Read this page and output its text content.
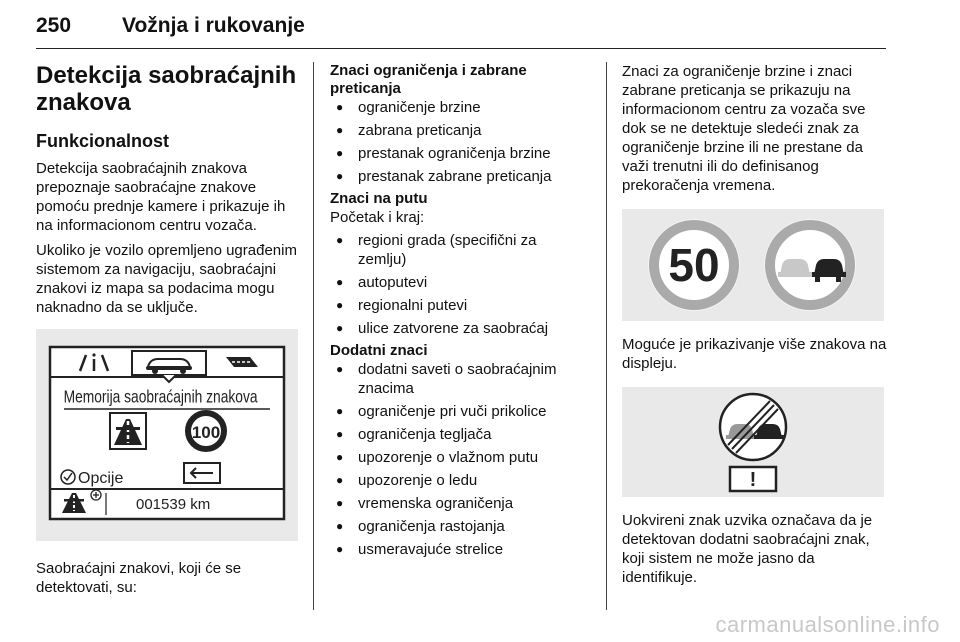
250 Vožnja i rukovanje
Detekcija saobraćajnih znakova
Funkcionalnost

Detekcija saobraćajnih znakova prepoznaje saobraćajne znakove pomoću prednje kamere i prikazuje ih na informacionom centru vozača.

Ukoliko je vozilo opremljeno ugrađenim sistemom za navigaciju, saobraćajni znakovi iz mapa sa podacima mogu naknadno da se uključe.

Memorija saobraćajnih znakova
100
Opcije
001539 km

Saobraćajni znakovi, koji će se detektovati, su:

Znaci ograničenja i zabrane preticanja
● ograničenje brzine
● zabrana preticanja
● prestanak ograničenja brzine
● prestanak zabrane preticanja
Znaci na putu

Početak i kraj:

● regioni grada (specifični za zemlju)
● autoputevi
● regionalni putevi
● ulice zatvorene za saobraćaj
Dodatni znaci
● dodatni saveti o saobraćajnim znacima
● ograničenje pri vuči prikolice
● ograničenja tegljača
● upozorenje o vlažnom putu
● upozorenje o ledu
● vremenska ograničenja
● ograničenja rastojanja
● usmeravajuće strelice

Znaci za ograničenje brzine i znaci zabrane preticanja se prikazuju na informacionom centru za vozača sve dok se ne detektuje sledeći znak za ograničenje brzine ili ne prestane da važi trenutni ili do definisanog prekoračenja vremena.

50

Moguće je prikazivanje više znakova na displeju.

!

Uokvireni znak uzvika označava da je detektovan dodatni saobraćajni znak, koji sistem ne može jasno da identifikuje.

carmanualsonline.info
